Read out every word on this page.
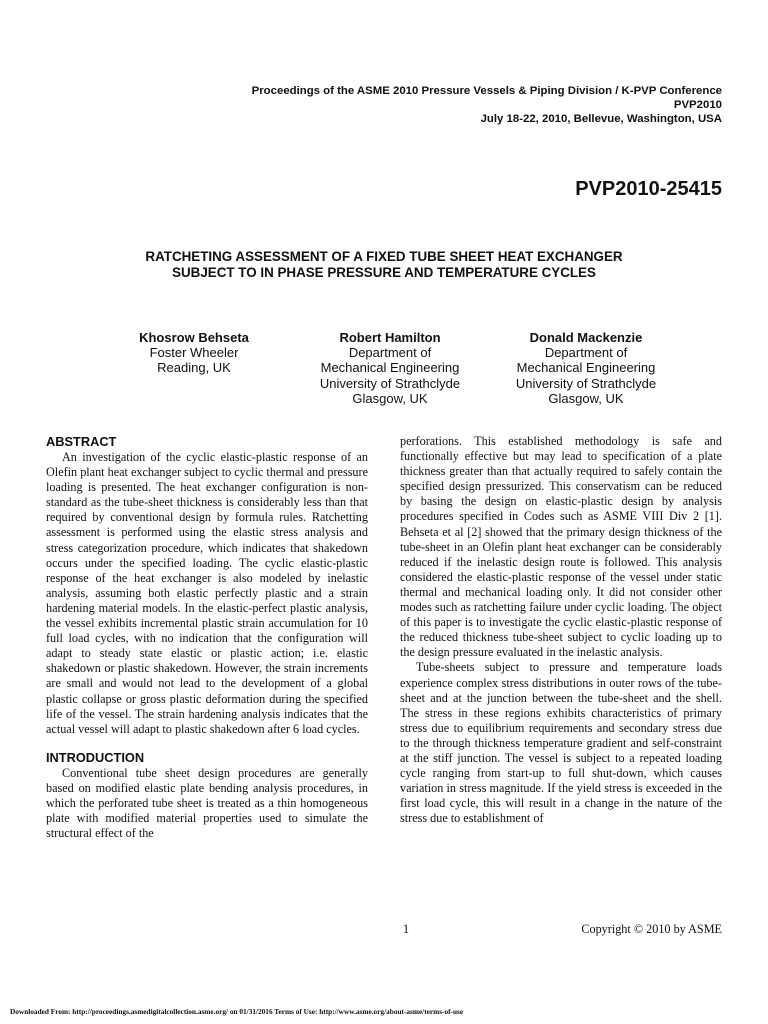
Proceedings of the ASME 2010 Pressure Vessels & Piping Division / K-PVP Conference
PVP2010
July 18-22, 2010, Bellevue, Washington, USA
PVP2010-25415
RATCHETING ASSESSMENT OF A FIXED TUBE SHEET HEAT EXCHANGER
SUBJECT TO IN PHASE PRESSURE AND TEMPERATURE CYCLES
Khosrow Behseta
Foster Wheeler
Reading, UK
Robert Hamilton
Department of
Mechanical Engineering
University of Strathclyde
Glasgow, UK
Donald Mackenzie
Department of
Mechanical Engineering
University of Strathclyde
Glasgow, UK
ABSTRACT

An investigation of the cyclic elastic-plastic response of an Olefin plant heat exchanger subject to cyclic thermal and pressure loading is presented. The heat exchanger configuration is non-standard as the tube-sheet thickness is considerably less than that required by conventional design by formula rules. Ratchetting assessment is performed using the elastic stress analysis and stress categorization procedure, which indicates that shakedown occurs under the specified loading. The cyclic elastic-plastic response of the heat exchanger is also modeled by inelastic analysis, assuming both elastic perfectly plastic and a strain hardening material models. In the elastic-perfect plastic analysis, the vessel exhibits incremental plastic strain accumulation for 10 full load cycles, with no indication that the configuration will adapt to steady state elastic or plastic action; i.e. elastic shakedown or plastic shakedown. However, the strain increments are small and would not lead to the development of a global plastic collapse or gross plastic deformation during the specified life of the vessel. The strain hardening analysis indicates that the actual vessel will adapt to plastic shakedown after 6 load cycles.

INTRODUCTION

Conventional tube sheet design procedures are generally based on modified elastic plate bending analysis procedures, in which the perforated tube sheet is treated as a thin homogeneous plate with modified material properties used to simulate the structural effect of the

perforations. This established methodology is safe and functionally effective but may lead to specification of a plate thickness greater than that actually required to safely contain the specified design pressurized. This conservatism can be reduced by basing the design on elastic-plastic design by analysis procedures specified in Codes such as ASME VIII Div 2 [1]. Behseta et al [2] showed that the primary design thickness of the tube-sheet in an Olefin plant heat exchanger can be considerably reduced if the inelastic design route is followed. This analysis considered the elastic-plastic response of the vessel under static thermal and mechanical loading only. It did not consider other modes such as ratchetting failure under cyclic loading. The object of this paper is to investigate the cyclic elastic-plastic response of the reduced thickness tube-sheet subject to cyclic loading up to the design pressure evaluated in the inelastic analysis.

Tube-sheets subject to pressure and temperature loads experience complex stress distributions in outer rows of the tube-sheet and at the junction between the tube-sheet and the shell. The stress in these regions exhibits characteristics of primary stress due to equilibrium requirements and secondary stress due to the through thickness temperature gradient and self-constraint at the stiff junction. The vessel is subject to a repeated loading cycle ranging from start-up to full shut-down, which causes variation in stress magnitude. If the yield stress is exceeded in the first load cycle, this will result in a change in the nature of the stress due to establishment of

1	Copyright © 2010 by ASME
Downloaded From: http://proceedings.asmedigitalcollection.asme.org/ on 01/31/2016 Terms of Use: http://www.asme.org/about-asme/terms-of-use
